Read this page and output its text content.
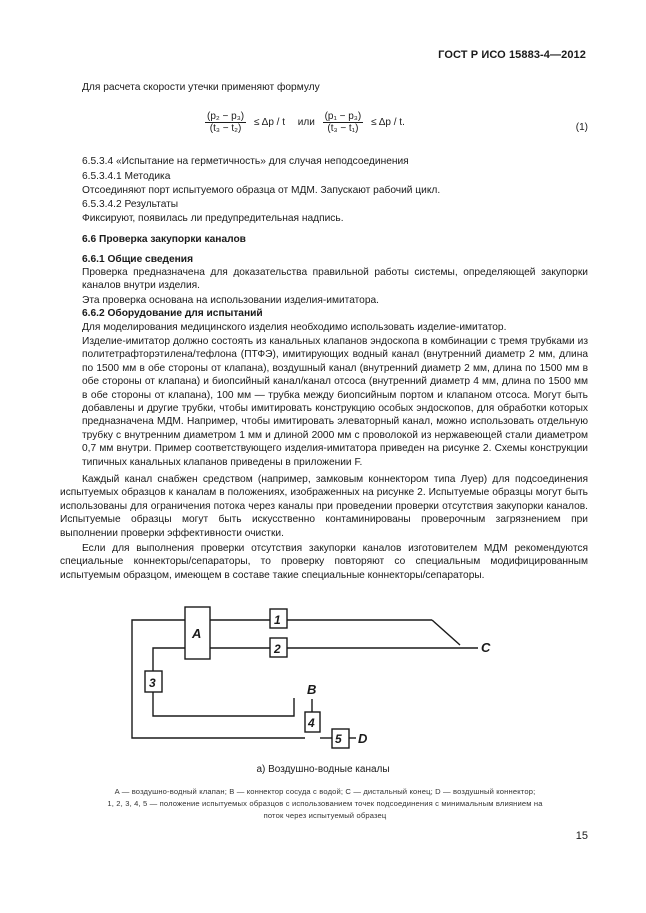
ГОСТ Р ИСО 15883-4—2012
Для расчета скорости утечки применяют формулу
$\frac{\text{(p₂ − p₃)}}{\text{(t₃ − t₂)}} \le \Delta p / t$ или $\frac{\text{(p₁ − p₃)}}{\text{(t₃ − t₁)}} \le \Delta p / t$.	(1)
6.5.3.4 «Испытание на герметичность» для случая неподсоединения
6.5.3.4.1 Методика
Отсоединяют порт испытуемого образца от МДМ. Запускают рабочий цикл.
6.5.3.4.2 Результаты
Фиксируют, появилась ли предупредительная надпись.
6.6 Проверка закупорки каналов
6.6.1 Общие сведения
Проверка предназначена для доказательства правильной работы системы, определяющей закупорки каналов внутри изделия.
Эта проверка основана на использовании изделия-имитатора.
6.6.2 Оборудование для испытаний
Для моделирования медицинского изделия необходимо использовать изделие-имитатор.
Изделие-имитатор должно состоять из канальных клапанов эндоскопа в комбинации с тремя трубками из политетрафторэтилена/тефлона (ПТФЭ), имитирующих водный канал (внутренний диаметр 2 мм, длина по 1500 мм в обе стороны от клапана), воздушный канал (внутренний диаметр 2 мм, длина по 1500 мм в обе стороны от клапана) и биопсийный канал/канал отсоса (внутренний диаметр 4 мм, длина по 1500 мм в обе стороны от клапана), 100 мм — трубка между биопсийным портом и клапаном отсоса. Могут быть добавлены и другие трубки, чтобы имитировать конструкцию особых эндоскопов, для обработки которых предназначена МДМ. Например, чтобы имитировать элеваторный канал, можно использовать отдельную трубку с внутренним диаметром 1 мм и длиной 2000 мм с проволокой из нержавеющей стали диаметром 0,7 мм внутри. Пример соответствующего изделия-имитатора приведен на рисунке 2. Схемы конструкции типичных канальных клапанов приведены в приложении F.
Каждый канал снабжен средством (например, замковым коннектором типа Луер) для подсоединения испытуемых образцов к каналам в положениях, изображенных на рисунке 2. Испытуемые образцы могут быть использованы для ограничения потока через каналы при проведении проверки отсутствия закупорки каналов. Испытуемые образцы могут быть искусственно контаминированы проверочным загрязнением при выполнении проверки эффективности очистки.
Если для выполнения проверки отсутствия закупорки каналов изготовителем МДМ рекомендуются специальные коннекторы/сепараторы, то проверку повторяют со специальным модифицированным испытуемым образцом, имеющем в составе такие специальные коннекторы/сепараторы.
A
1
2
3
4
5
B
C
D
а) Воздушно-водные каналы
A — воздушно-водный клапан; B — коннектор сосуда с водой; C — дистальный конец; D — воздушный коннектор;
1, 2, 3, 4, 5 — положение испытуемых образцов с использованием точек подсоединения с минимальным влиянием на
поток через испытуемый образец
15
